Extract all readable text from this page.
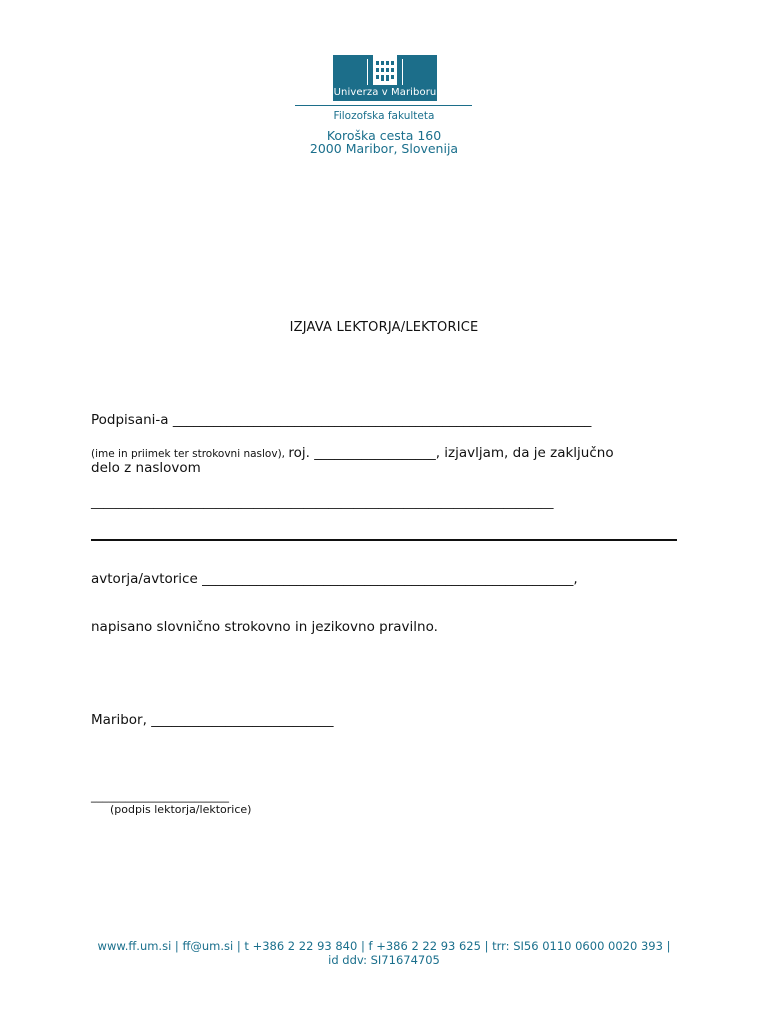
Univerza v Mariboru
Filozofska fakulteta
Koroška cesta 160
2000 Maribor, Slovenija
IZJAVA LEKTORJA/LEKTORICE
Podpisani-a ______________________________________________________________
(ime in priimek ter strokovni naslov), roj. __________________, izjavljam, da je zaključno
delo z naslovom
__________________________________________________________________________
avtorja/avtorice _______________________________________________________,
napisano slovnično strokovno in jezikovno pravilno.
Maribor, ___________________________
________________________
(podpis lektorja/lektorice)
www.ff.um.si | ff@um.si | t +386 2 22 93 840 | f +386 2 22 93 625 | trr: SI56 0110 0600 0020 393 |
id ddv: SI71674705
